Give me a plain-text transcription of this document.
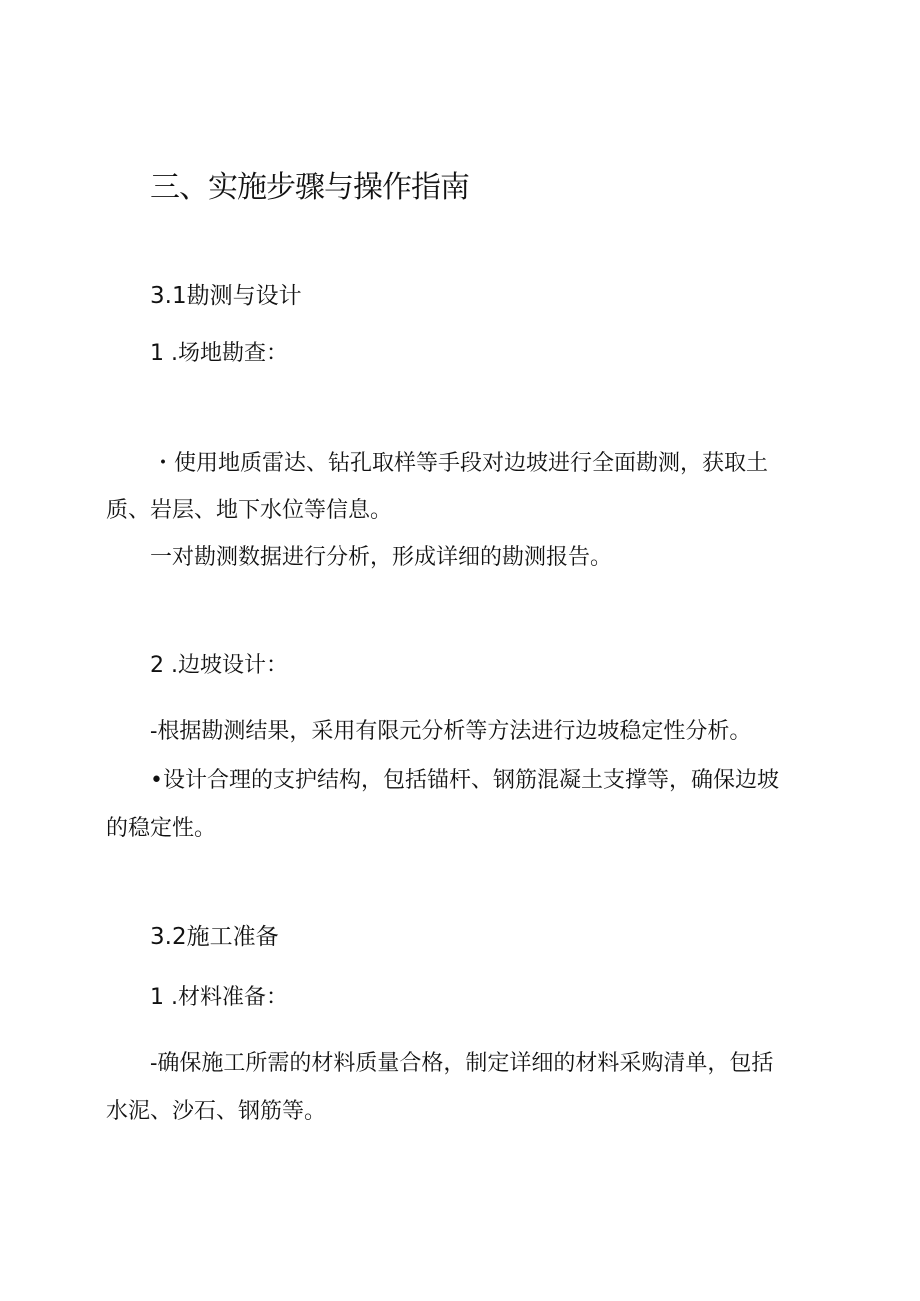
三、实施步骤与操作指南
3.1勘测与设计
1 .场地勘查：
・使用地质雷达、钻孔取样等手段对边坡进行全面勘测，获取土
质、岩层、地下水位等信息。
一对勘测数据进行分析，形成详细的勘测报告。
2 .边坡设计：
-根据勘测结果，采用有限元分析等方法进行边坡稳定性分析。
•设计合理的支护结构，包括锚杆、钢筋混凝土支撑等，确保边坡
的稳定性。
3.2施工准备
1 .材料准备：
-确保施工所需的材料质量合格，制定详细的材料采购清单，包括
水泥、沙石、钢筋等。
